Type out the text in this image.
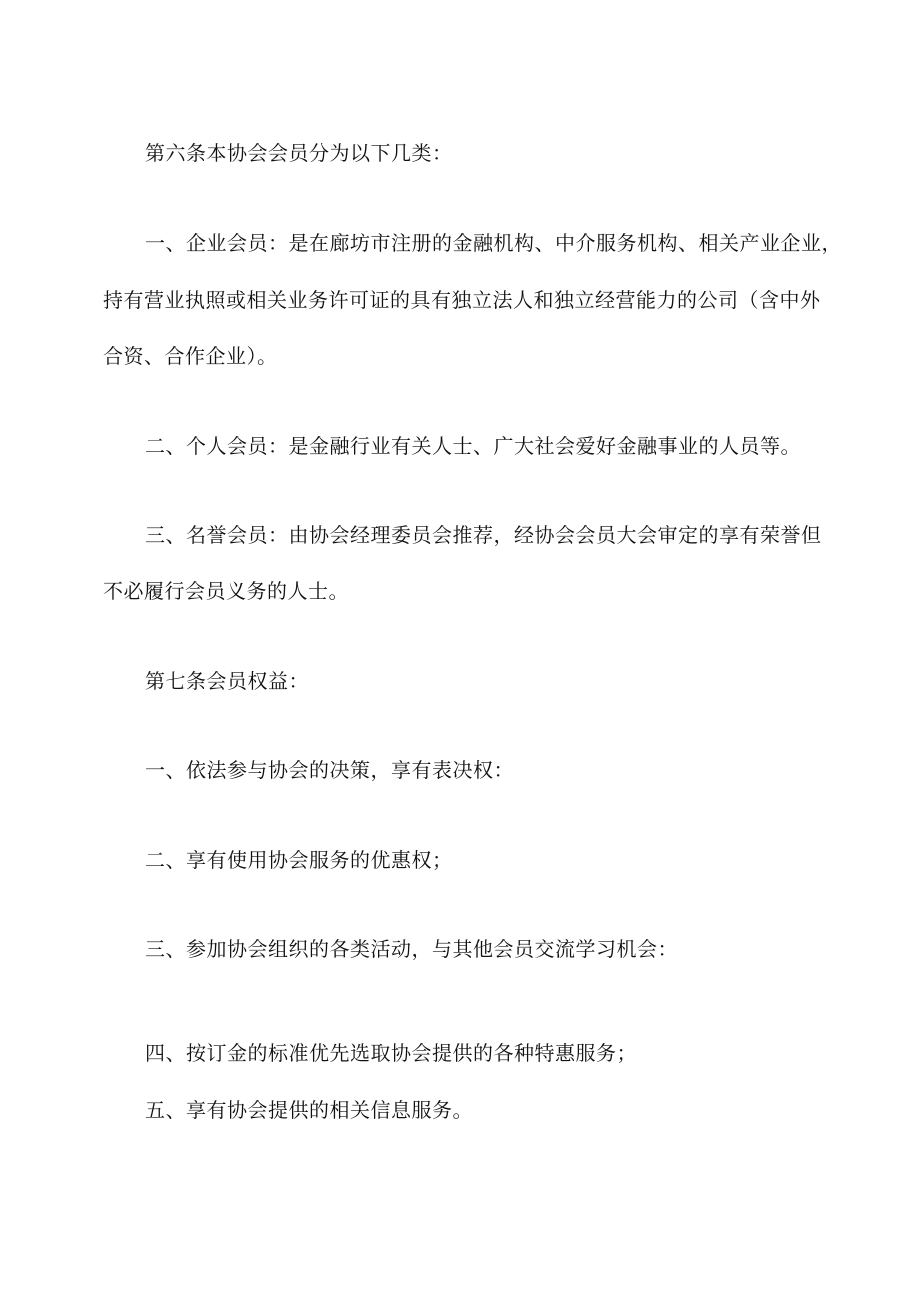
第六条本协会会员分为以下几类：
一、企业会员：是在廊坊市注册的金融机构、中介服务机构、相关产业企业，
持有营业执照或相关业务许可证的具有独立法人和独立经营能力的公司（含中外
合资、合作企业）。
二、个人会员：是金融行业有关人士、广大社会爱好金融事业的人员等。
三、名誉会员：由协会经理委员会推荐，经协会会员大会审定的享有荣誉但
不必履行会员义务的人士。
第七条会员权益：
一、依法参与协会的决策，享有表决权：
二、享有使用协会服务的优惠权；
三、参加协会组织的各类活动，与其他会员交流学习机会：
四、按订金的标准优先选取协会提供的各种特惠服务；
五、享有协会提供的相关信息服务。
